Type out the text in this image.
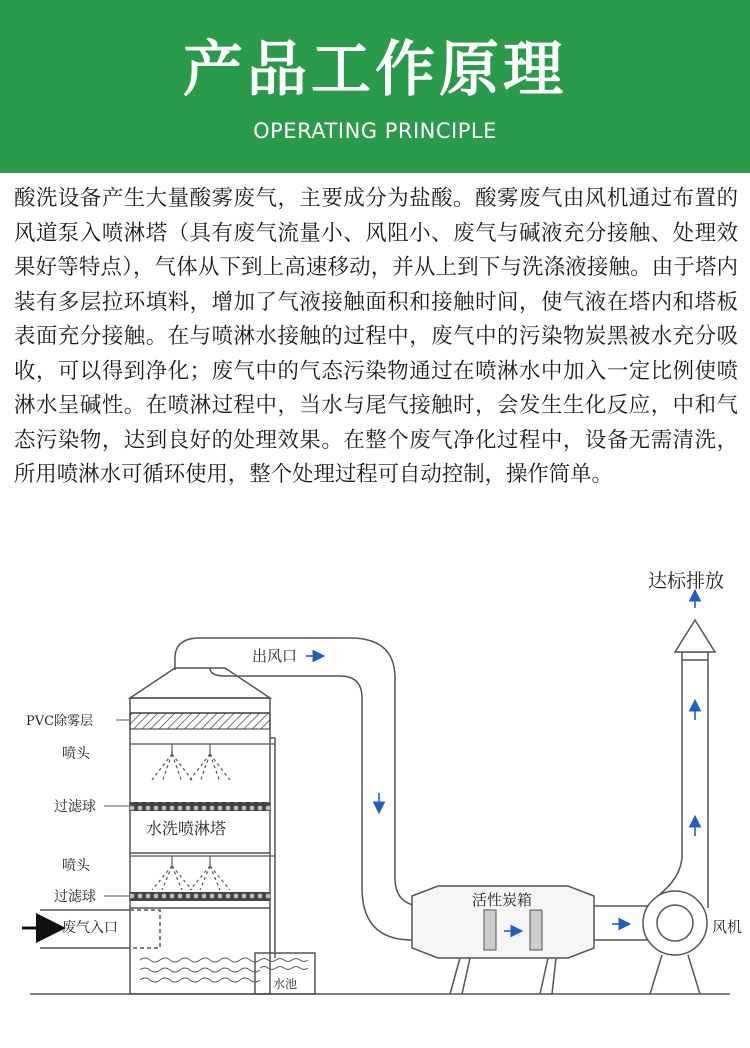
产品工作原理
OPERATING PRINCIPLE
酸洗设备产生大量酸雾废气，主要成分为盐酸。酸雾废气由风机通过布置的风道泵入喷淋塔（具有废气流量小、风阻小、废气与碱液充分接触、处理效果好等特点），气体从下到上高速移动，并从上到下与洗涤液接触。由于塔内装有多层拉环填料，增加了气液接触面积和接触时间，使气液在塔内和塔板表面充分接触。在与喷淋水接触的过程中，废气中的污染物炭黑被水充分吸收，可以得到净化；废气中的气态污染物通过在喷淋水中加入一定比例使喷淋水呈碱性。在喷淋过程中，当水与尾气接触时，会发生生化反应，中和气态污染物，达到良好的处理效果。在整个废气净化过程中，设备无需清洗，所用喷淋水可循环使用，整个处理过程可自动控制，操作简单。
达标排放
出风口
PVC除雾层
喷头
过滤球
水洗喷淋塔
喷头
过滤球
废气入口
水池
活性炭箱
风机
